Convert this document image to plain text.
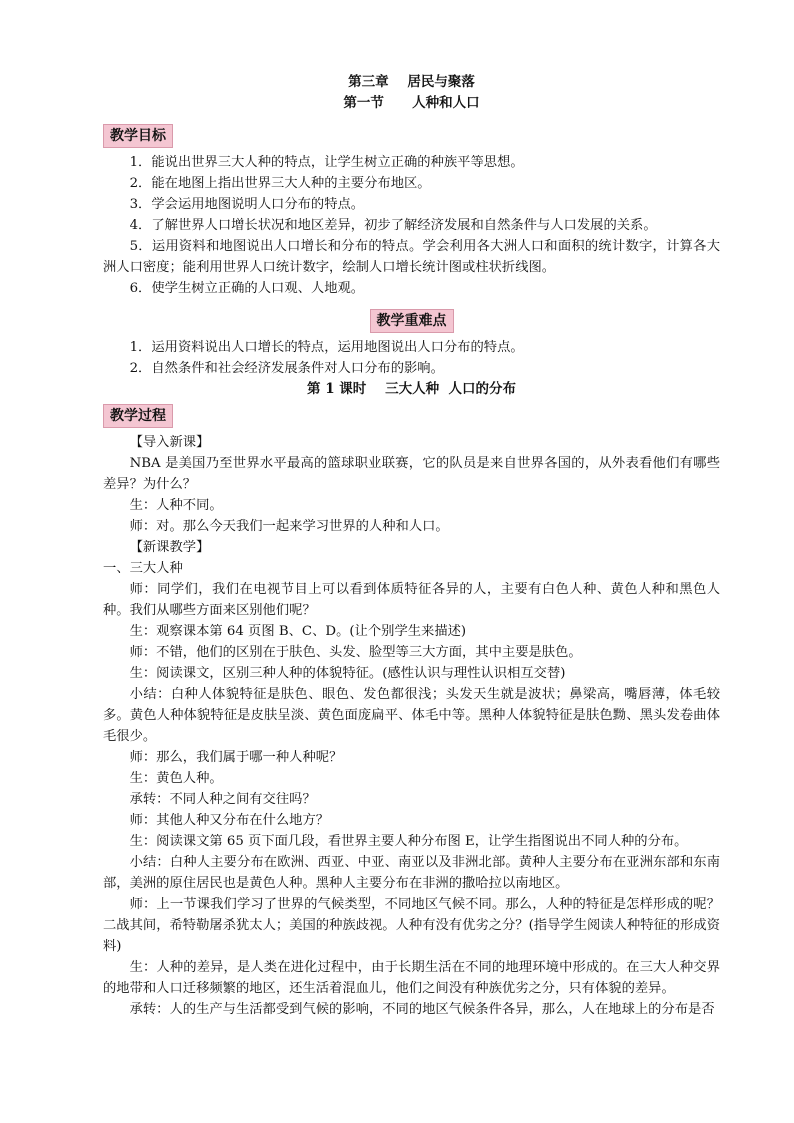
第三章    居民与聚落
第一节      人种和人口
教学目标

1．能说出世界三大人种的特点，让学生树立正确的种族平等思想。

2．能在地图上指出世界三大人种的主要分布地区。

3．学会运用地图说明人口分布的特点。

4．了解世界人口增长状况和地区差异，初步了解经济发展和自然条件与人口发展的关系。

5．运用资料和地图说出人口增长和分布的特点。学会利用各大洲人口和面积的统计数字，计算各大洲人口密度；能利用世界人口统计数字，绘制人口增长统计图或柱状折线图。

6．使学生树立正确的人口观、人地观。

教学重难点

1．运用资料说出人口增长的特点，运用地图说出人口分布的特点。

2．自然条件和社会经济发展条件对人口分布的影响。

第 1 课时    三大人种  人口的分布
教学过程

【导入新课】

NBA 是美国乃至世界水平最高的篮球职业联赛，它的队员是来自世界各国的，从外表看他们有哪些差异？为什么？

生：人种不同。

师：对。那么今天我们一起来学习世界的人种和人口。

【新课教学】

一、三大人种

师：同学们，我们在电视节目上可以看到体质特征各异的人，主要有白色人种、黄色人种和黑色人种。我们从哪些方面来区别他们呢？

生：观察课本第 64 页图 B、C、D。(让个别学生来描述)

师：不错，他们的区别在于肤色、头发、脸型等三大方面，其中主要是肤色。

生：阅读课文，区别三种人种的体貌特征。(感性认识与理性认识相互交替)

小结：白种人体貌特征是肤色、眼色、发色都很浅；头发天生就是波状；鼻梁高，嘴唇薄，体毛较多。黄色人种体貌特征是皮肤呈淡、黄色面庞扁平、体毛中等。黑种人体貌特征是肤色黝、黑头发卷曲体毛很少。

师：那么，我们属于哪一种人种呢？

生：黄色人种。

承转：不同人种之间有交往吗？

师：其他人种又分布在什么地方？

生：阅读课文第 65 页下面几段，看世界主要人种分布图 E，让学生指图说出不同人种的分布。

小结：白种人主要分布在欧洲、西亚、中亚、南亚以及非洲北部。黄种人主要分布在亚洲东部和东南部，美洲的原住居民也是黄色人种。黑种人主要分布在非洲的撒哈拉以南地区。

师：上一节课我们学习了世界的气候类型，不同地区气候不同。那么，人种的特征是怎样形成的呢？二战其间，希特勒屠杀犹太人；美国的种族歧视。人种有没有优劣之分？(指导学生阅读人种特征的形成资料)

生：人种的差异，是人类在进化过程中，由于长期生活在不同的地理环境中形成的。在三大人种交界的地带和人口迁移频繁的地区，还生活着混血儿，他们之间没有种族优劣之分，只有体貌的差异。

承转：人的生产与生活都受到气候的影响，不同的地区气候条件各异，那么，人在地球上的分布是否
